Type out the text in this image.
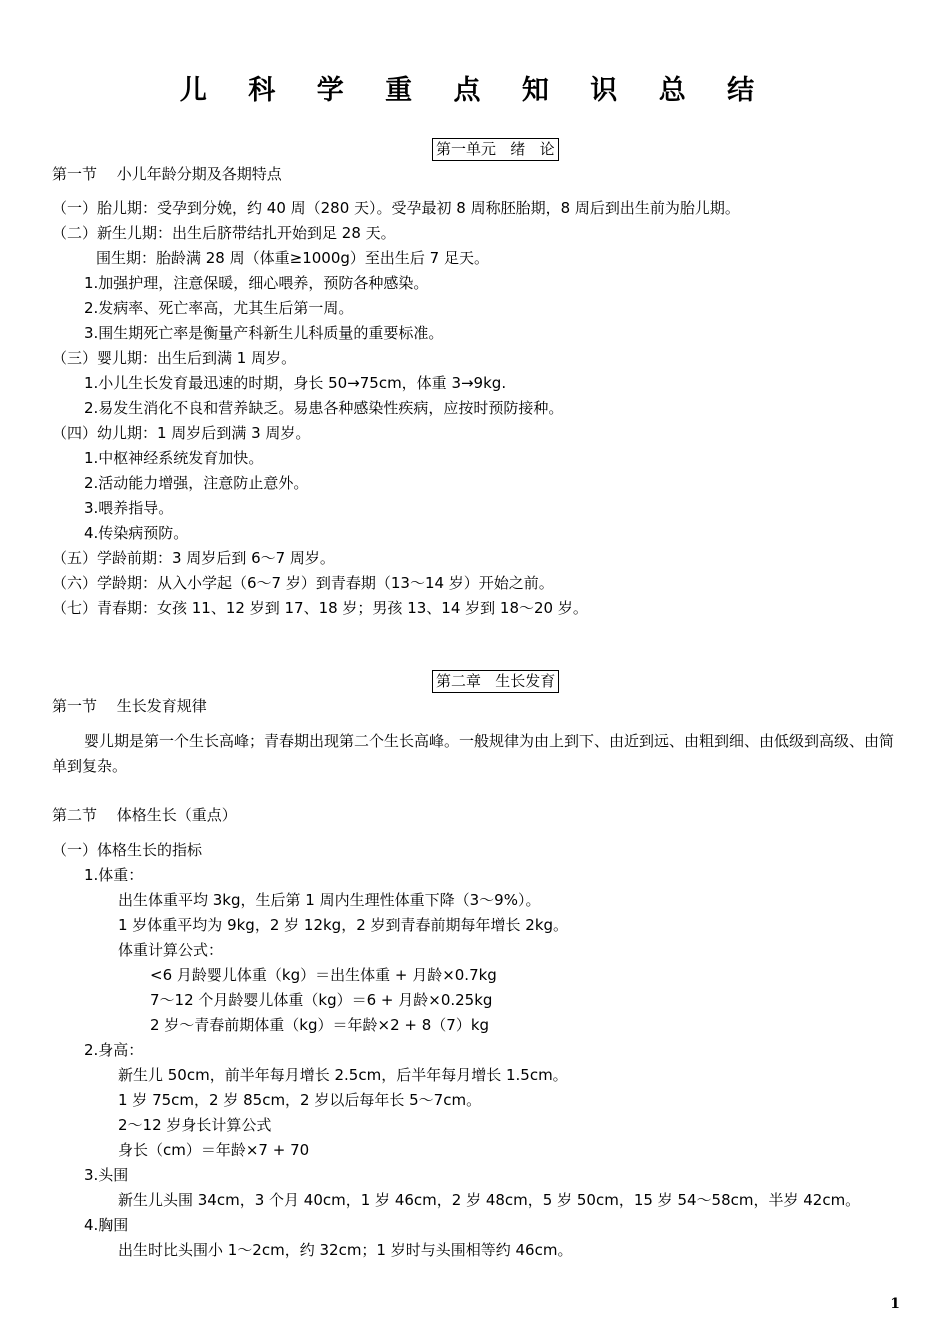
儿 科 学 重 点 知 识 总 结
第一单元   绪   论
第一节　 小儿年龄分期及各期特点
（一）胎儿期：受孕到分娩，约 40 周（280 天）。受孕最初 8 周称胚胎期，8 周后到出生前为胎儿期。
（二）新生儿期：出生后脐带结扎开始到足 28 天。
围生期：胎龄满 28 周（体重≥1000g）至出生后 7 足天。
1.加强护理，注意保暖，细心喂养，预防各种感染。
2.发病率、死亡率高，尤其生后第一周。
3.围生期死亡率是衡量产科新生儿科质量的重要标准。
（三）婴儿期：出生后到满 1 周岁。
1.小儿生长发育最迅速的时期，身长 50→75cm，体重 3→9kg.
2.易发生消化不良和营养缺乏。易患各种感染性疾病，应按时预防接种。
（四）幼儿期：1 周岁后到满 3 周岁。
1.中枢神经系统发育加快。
2.活动能力增强，注意防止意外。
3.喂养指导。
4.传染病预防。
（五）学龄前期：3 周岁后到 6～7 周岁。
（六）学龄期：从入小学起（6～7 岁）到青春期（13～14 岁）开始之前。
（七）青春期：女孩 11、12 岁到 17、18 岁；男孩 13、14 岁到 18～20 岁。
第二章   生长发育
第一节　 生长发育规律
婴儿期是第一个生长高峰；青春期出现第二个生长高峰。一般规律为由上到下、由近到远、由粗到细、由低级到高级、由简单到复杂。
第二节　 体格生长（重点）
（一）体格生长的指标
1.体重：
出生体重平均 3kg，生后第 1 周内生理性体重下降（3～9%）。
1 岁体重平均为 9kg，2 岁 12kg，2 岁到青春前期每年增长 2kg。
体重计算公式：
<6 月龄婴儿体重（kg）＝出生体重 + 月龄×0.7kg
7～12 个月龄婴儿体重（kg）＝6 + 月龄×0.25kg
2 岁～青春前期体重（kg）＝年龄×2 + 8（7）kg
2.身高：
新生儿 50cm，前半年每月增长 2.5cm，后半年每月增长 1.5cm。
1 岁 75cm，2 岁 85cm，2 岁以后每年长 5～7cm。
2～12 岁身长计算公式
身长（cm）＝年龄×7 + 70
3.头围
新生儿头围 34cm，3 个月 40cm，1 岁 46cm，2 岁 48cm，5 岁 50cm，15 岁 54～58cm，半岁 42cm。
4.胸围
出生时比头围小 1～2cm，约 32cm；1 岁时与头围相等约 46cm。
1
